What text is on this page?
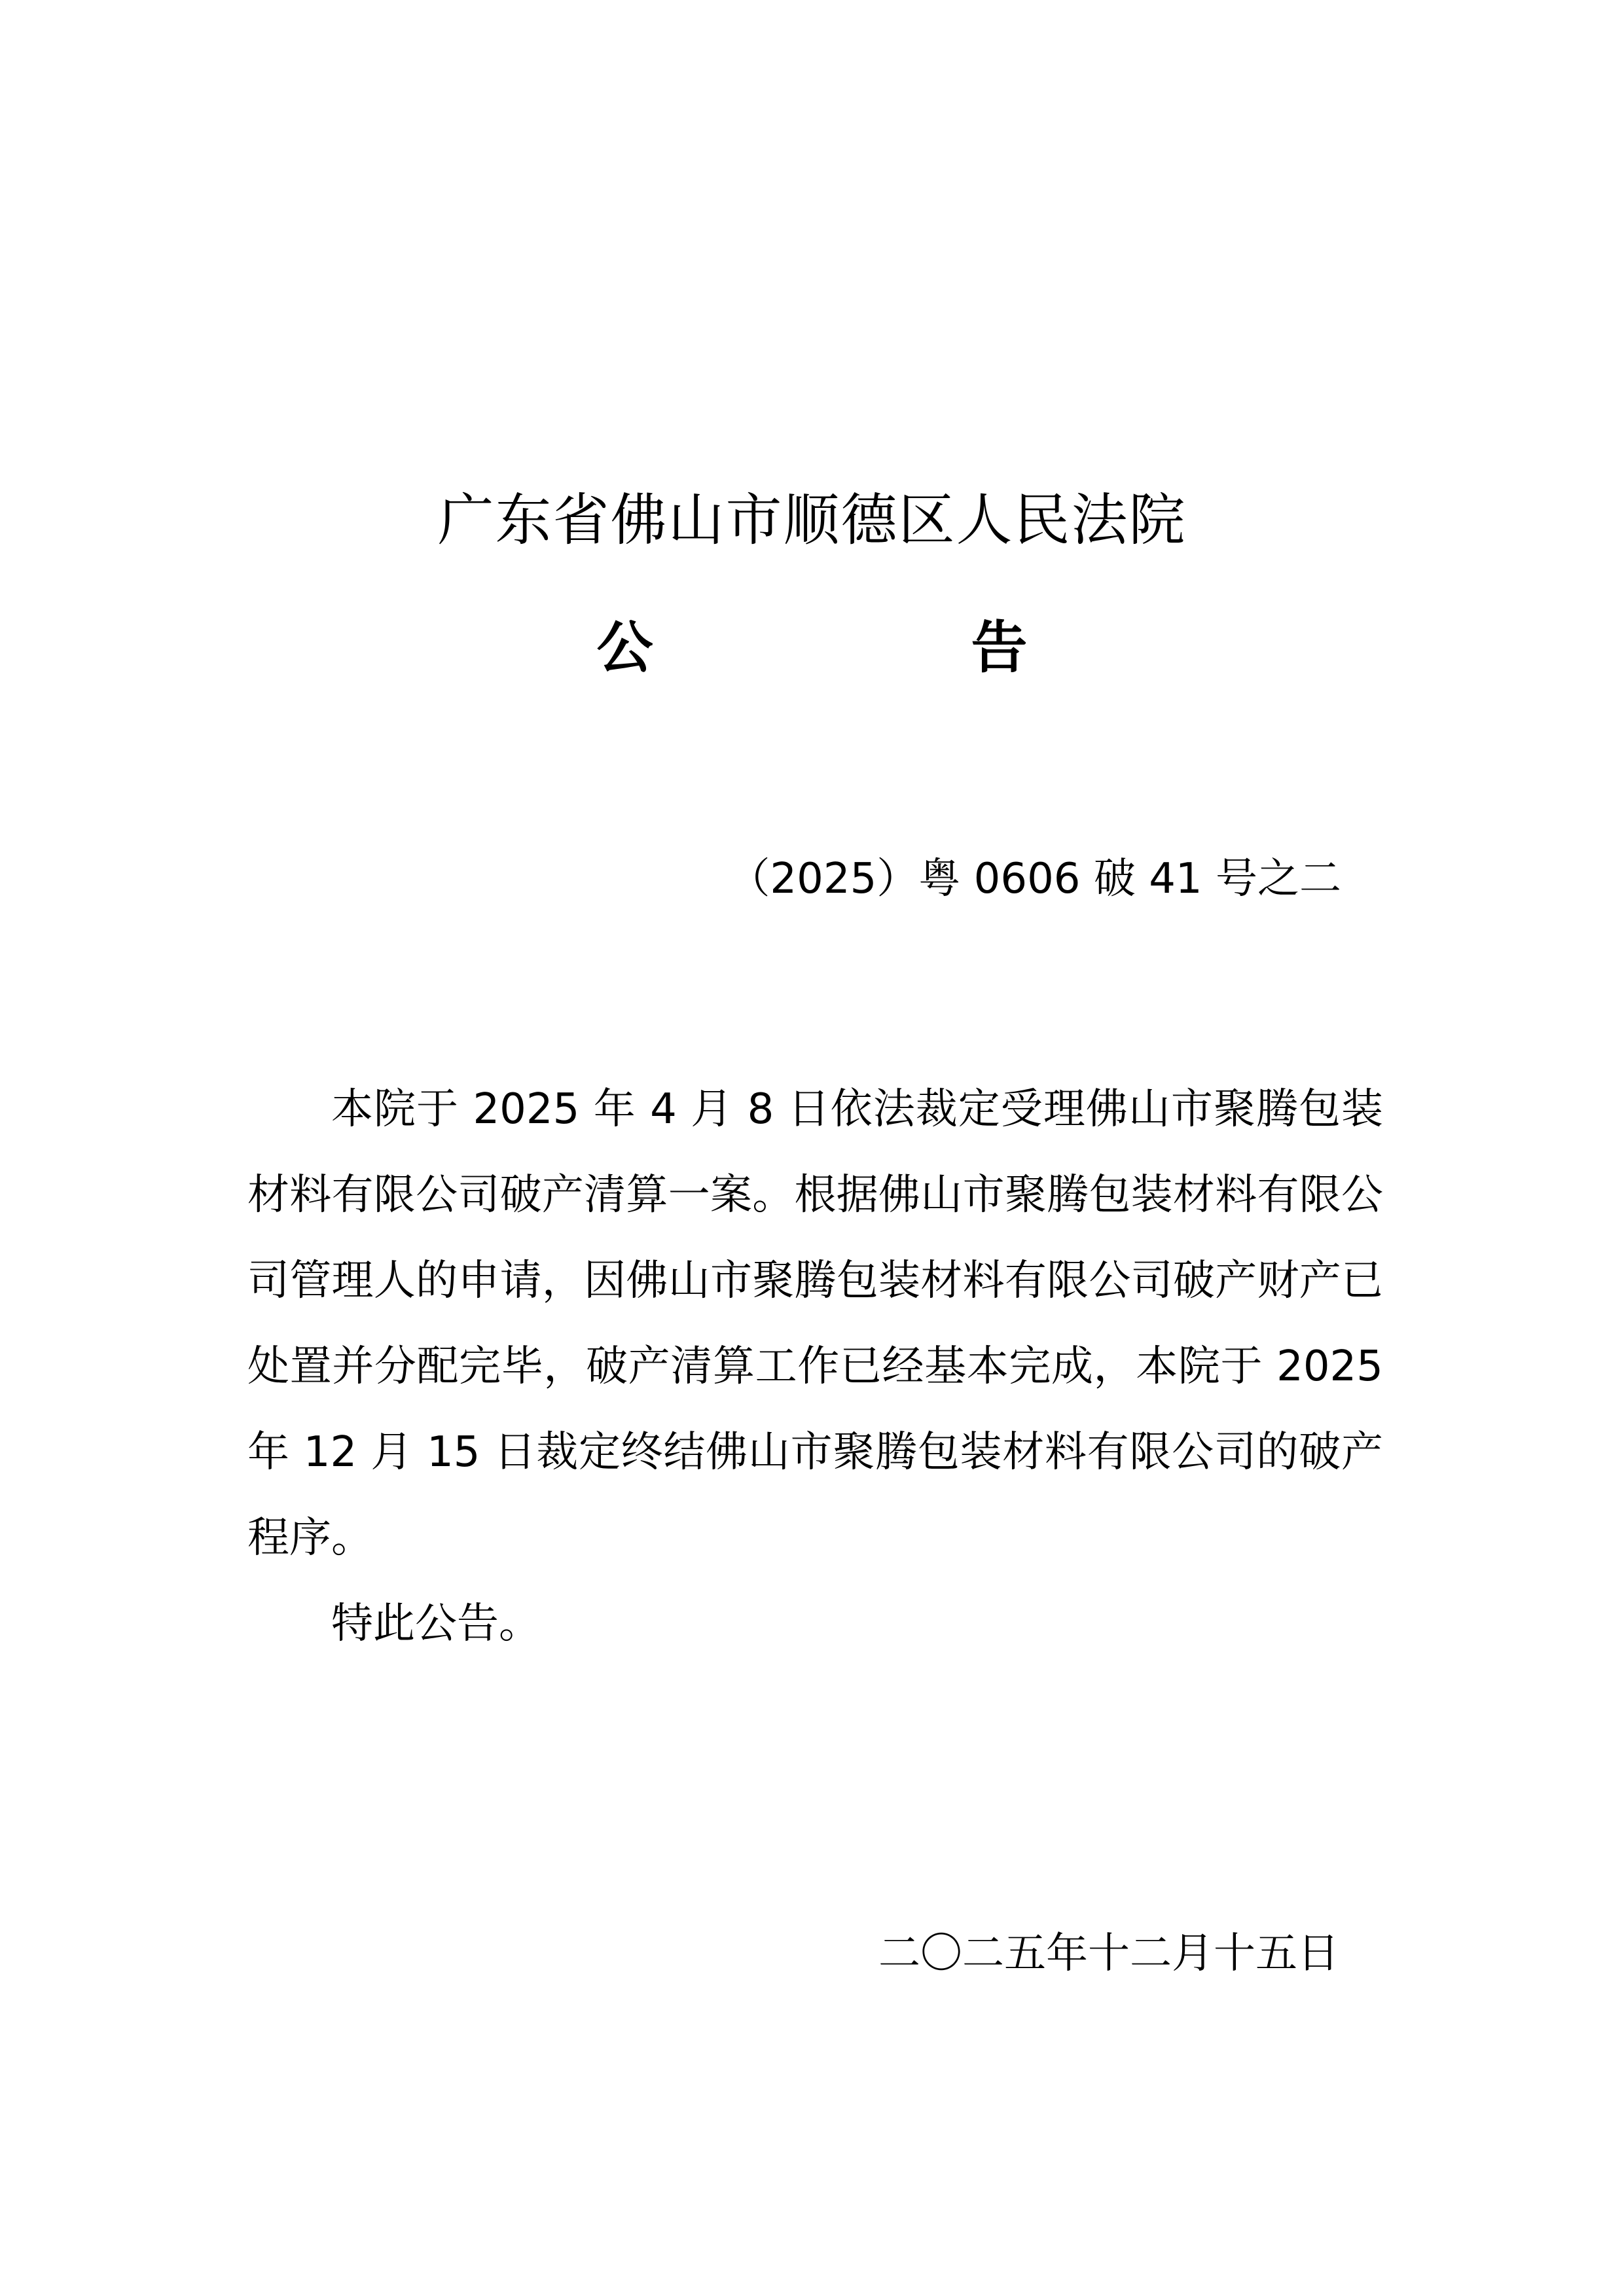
广东省佛山市顺德区人民法院
公　告
（2025）粤 0606 破 41 号之二

本院于 2025 年 4 月 8 日依法裁定受理佛山市聚腾包装材料有限公司破产清算一案。根据佛山市聚腾包装材料有限公司管理人的申请，因佛山市聚腾包装材料有限公司破产财产已处置并分配完毕，破产清算工作已经基本完成，本院于 2025 年 12 月 15 日裁定终结佛山市聚腾包装材料有限公司的破产程序。

特此公告。
二〇二五年十二月十五日
